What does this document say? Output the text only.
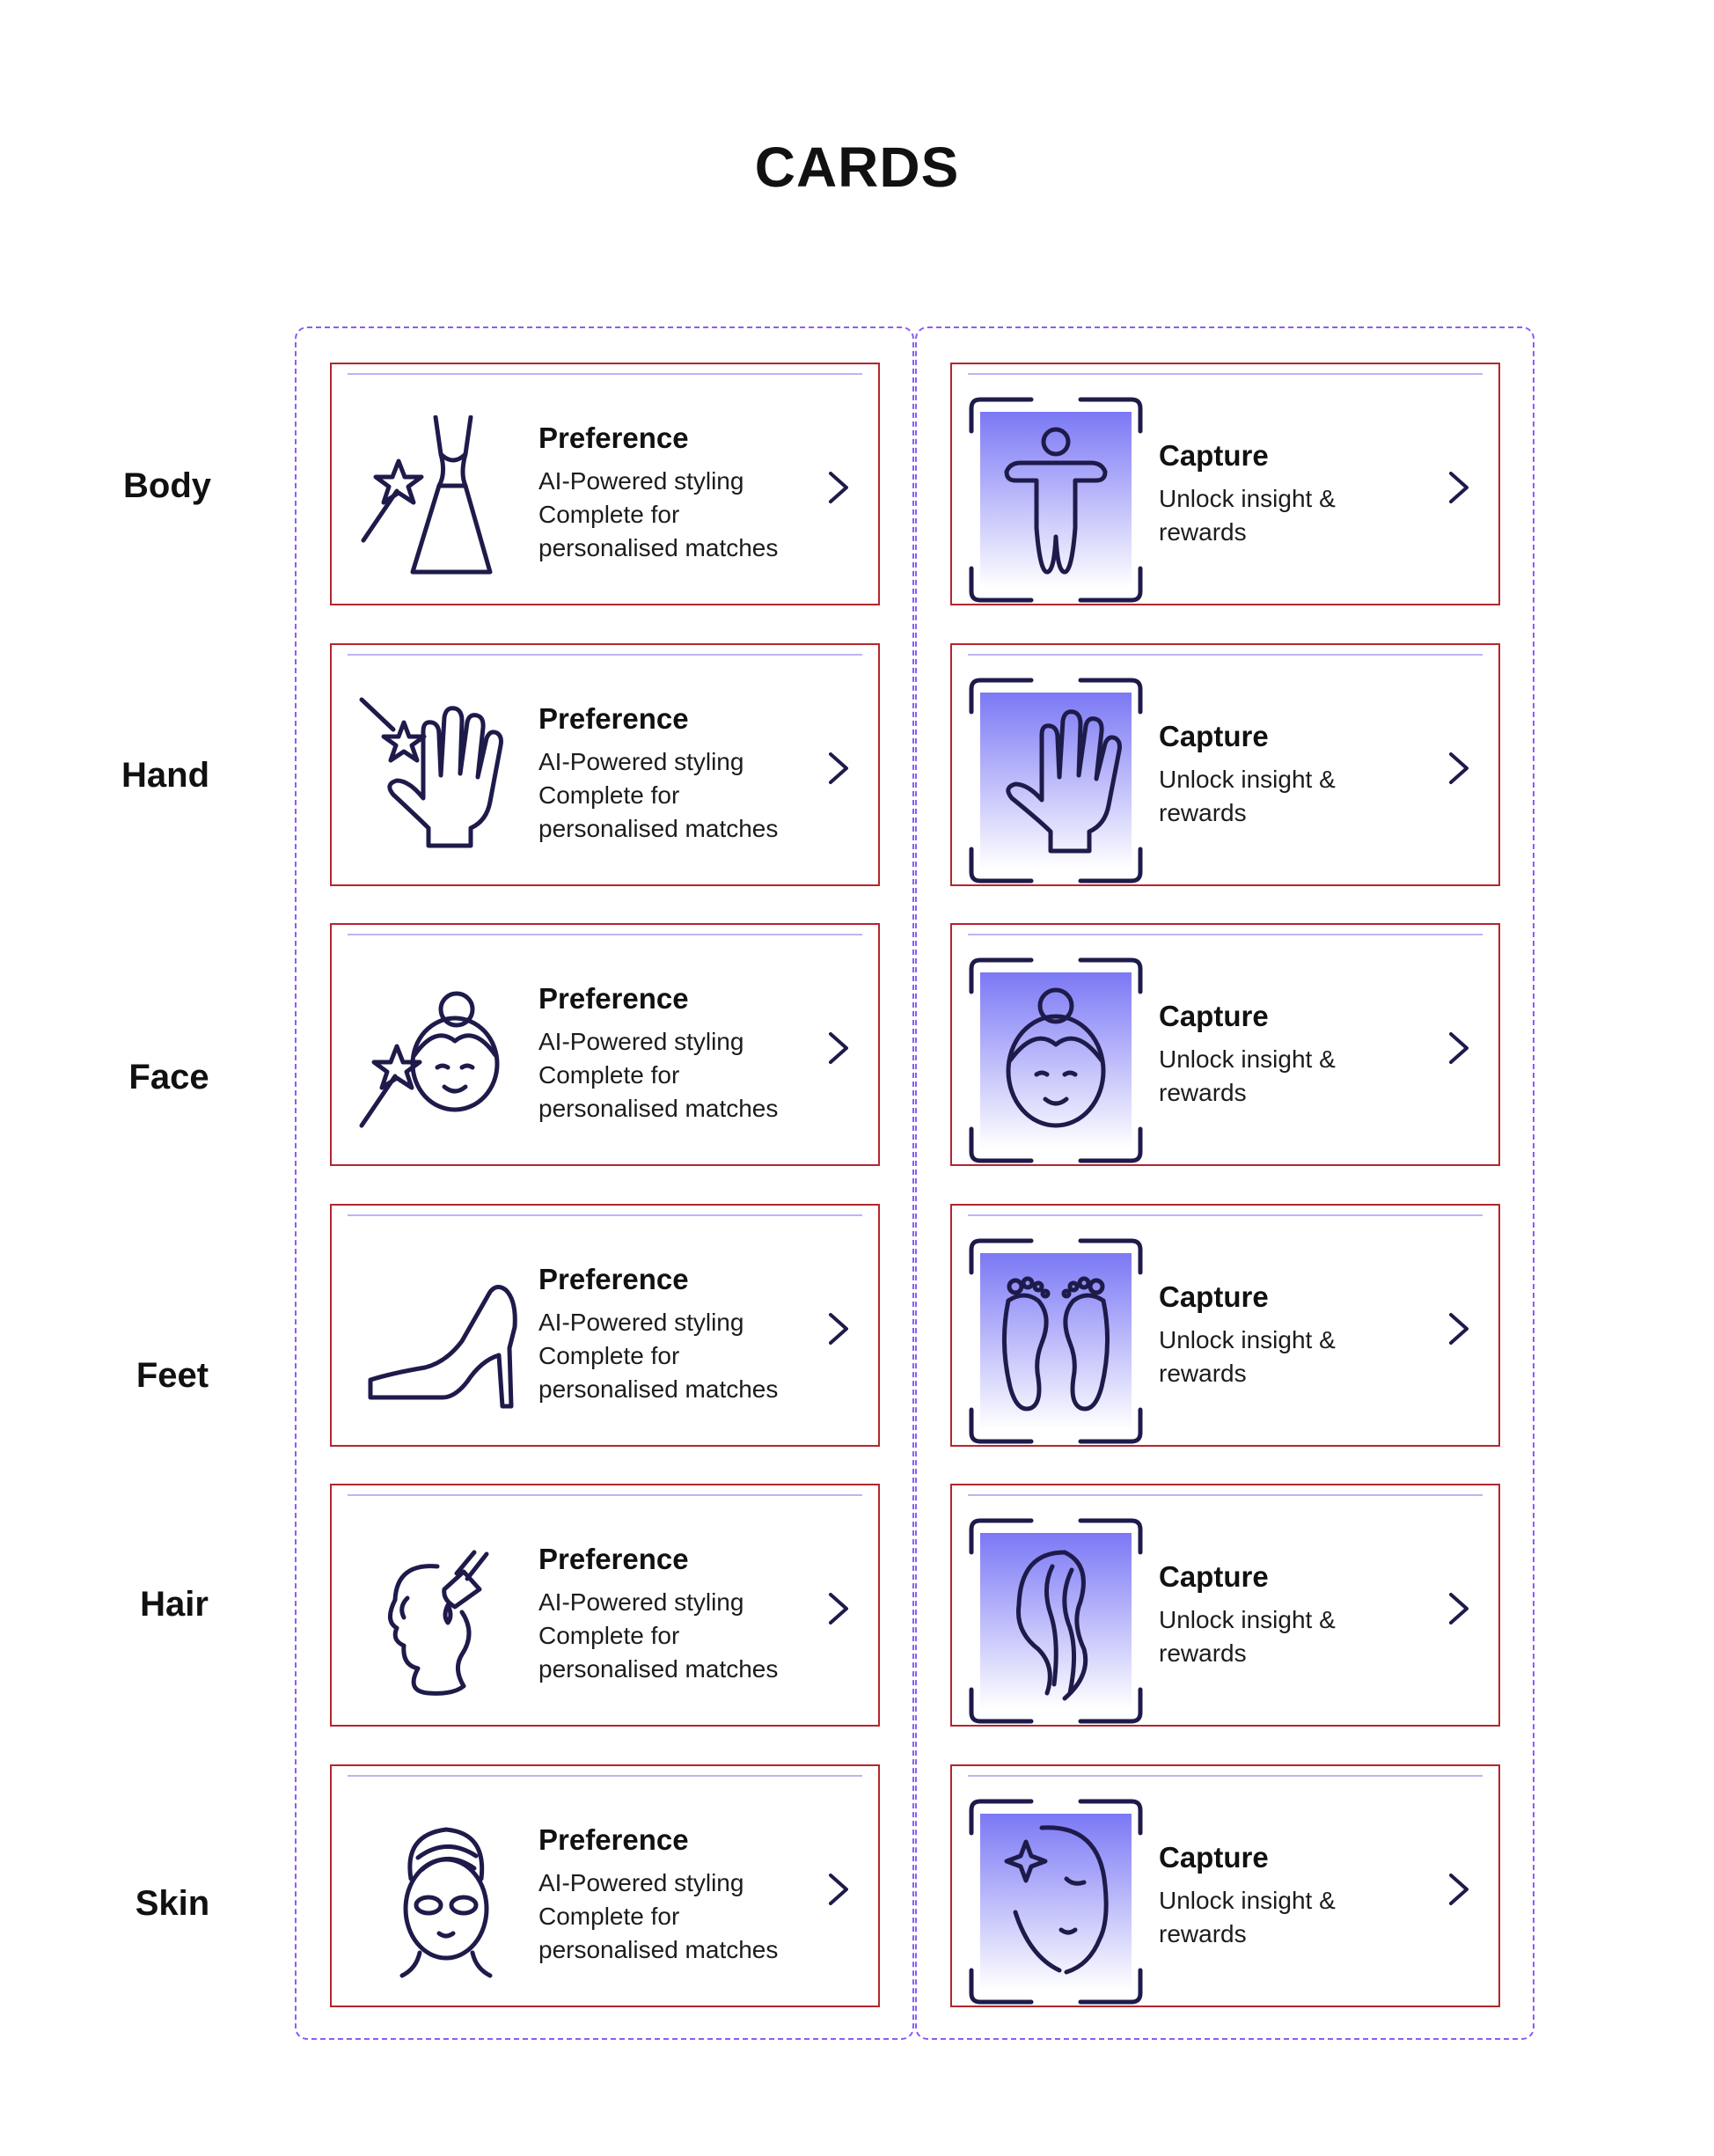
CARDS
Body
Preference
AI-Powered styling
Complete for
personalised matches
Capture
Unlock insight &
rewards
Hand
Preference
AI-Powered styling
Complete for
personalised matches
Capture
Unlock insight &
rewards
Face
Preference
AI-Powered styling
Complete for
personalised matches
Capture
Unlock insight &
rewards
Feet
Preference
AI-Powered styling
Complete for
personalised matches
Capture
Unlock insight &
rewards
Hair
Preference
AI-Powered styling
Complete for
personalised matches
Capture
Unlock insight &
rewards
Skin
Preference
AI-Powered styling
Complete for
personalised matches
Capture
Unlock insight &
rewards
